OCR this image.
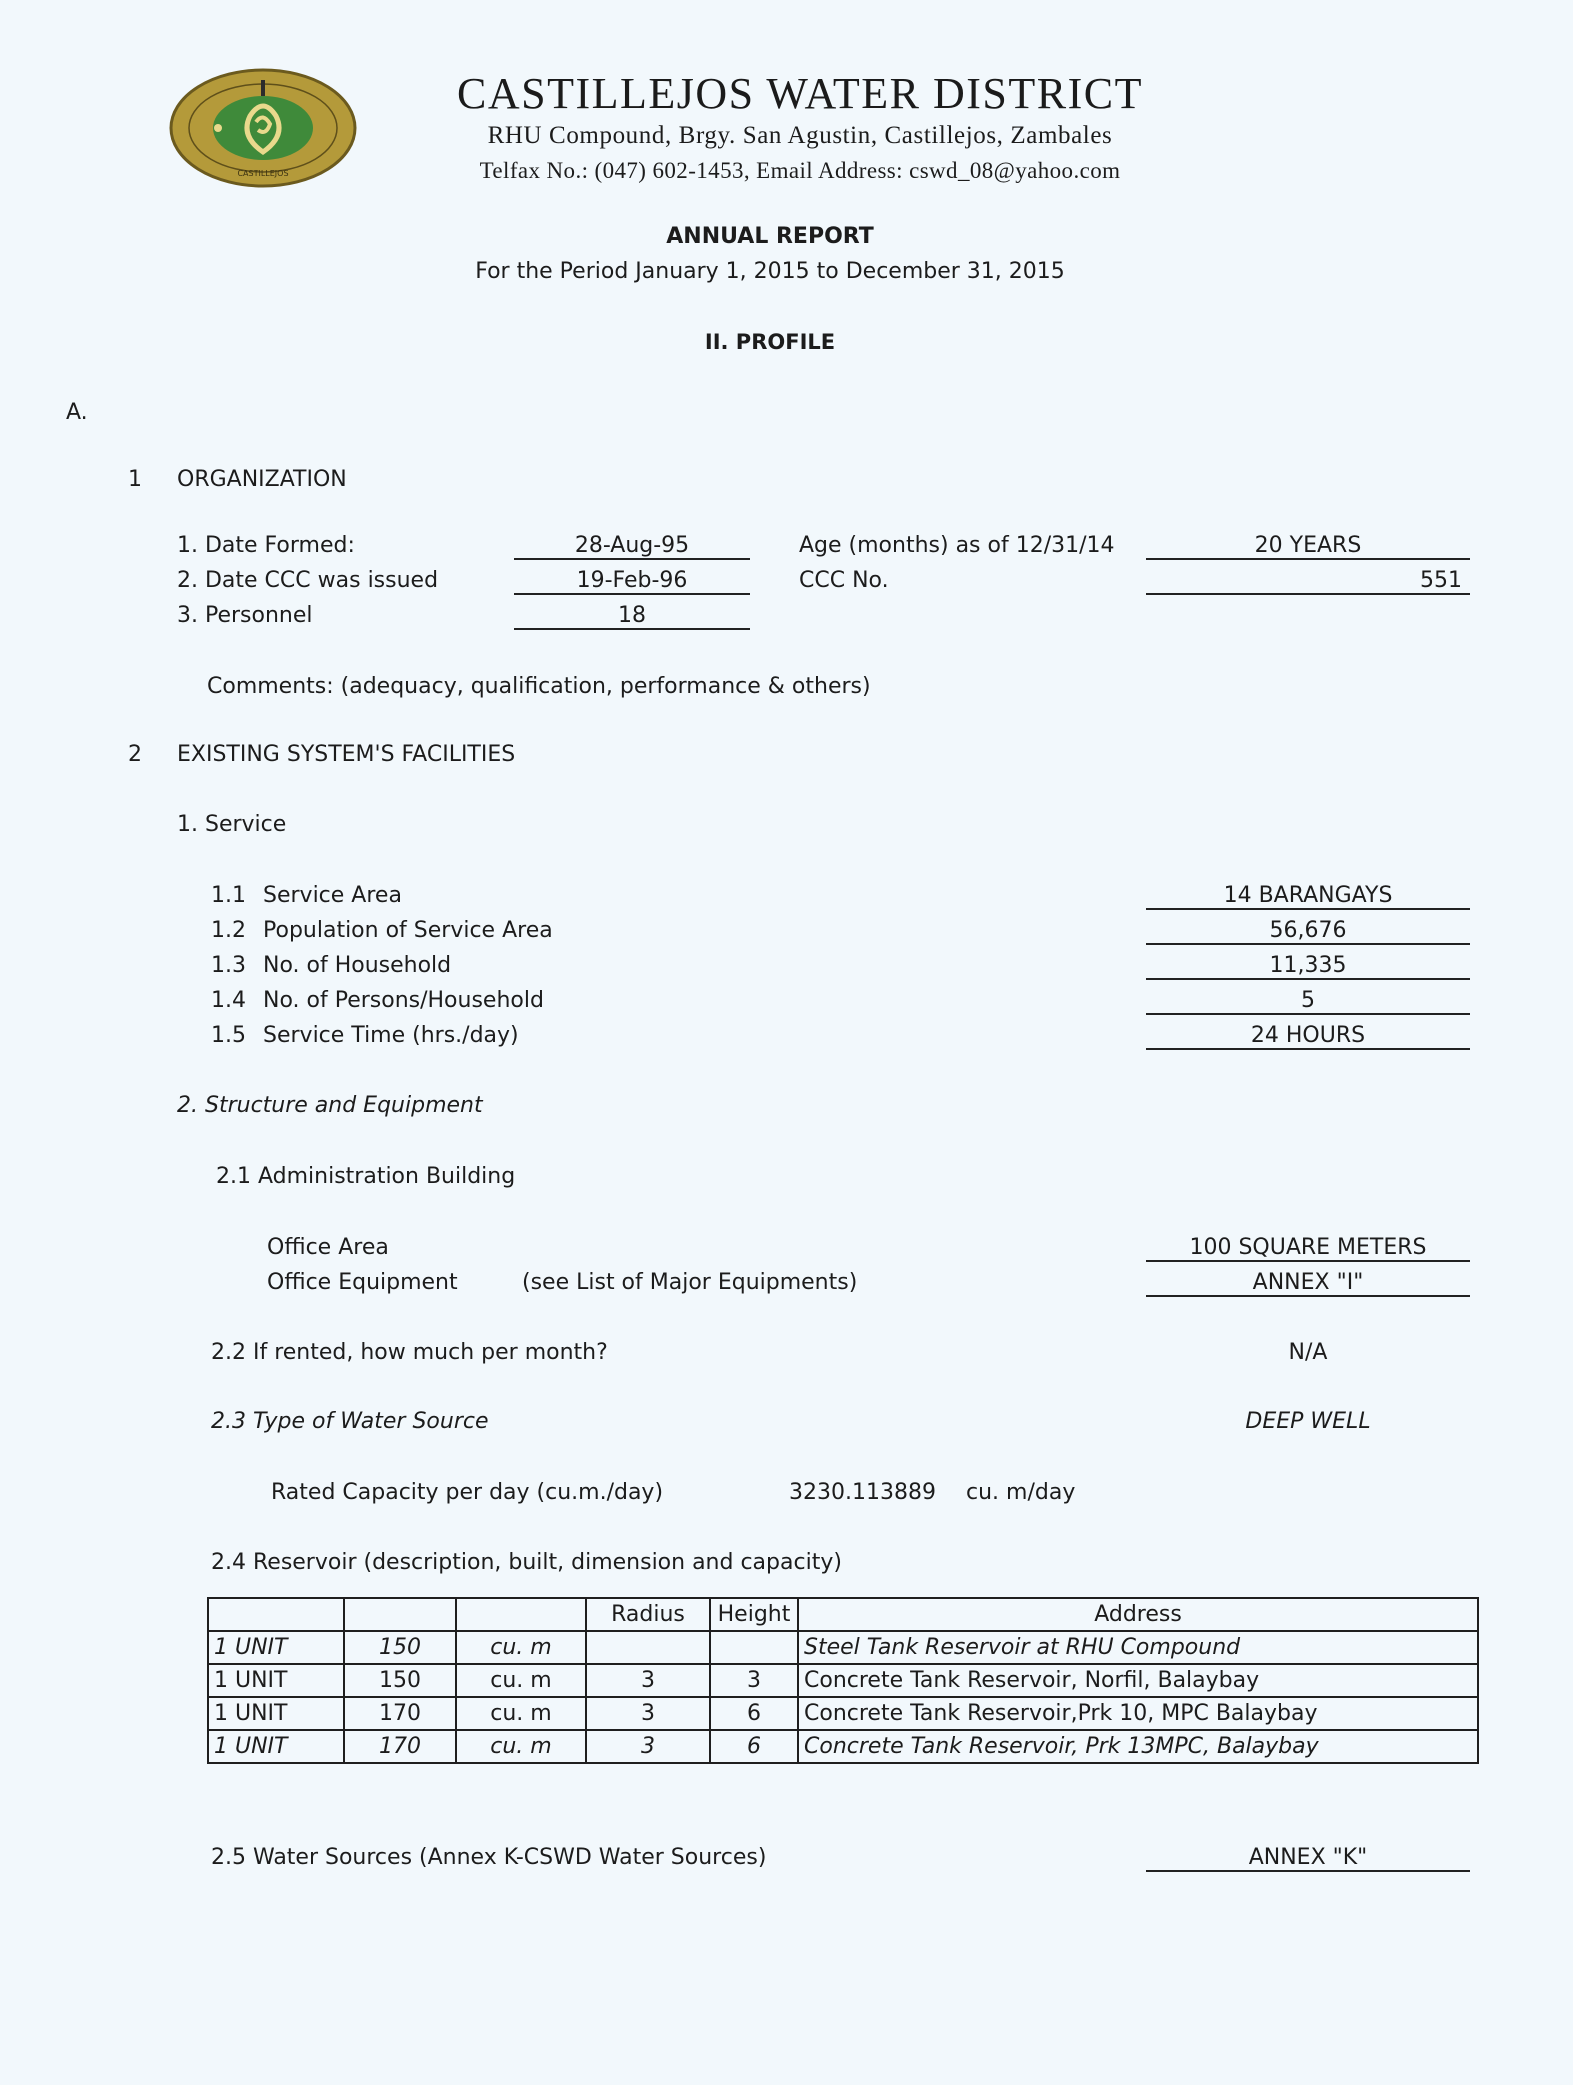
CASTILLEJOS
CASTILLEJOS WATER DISTRICT
RHU Compound, Brgy. San Agustin, Castillejos, Zambales
Telfax No.: (047) 602-1453, Email Address: cswd_08@yahoo.com
ANNUAL REPORT
For the Period January 1, 2015 to December 31, 2015
II. PROFILE
A.
1 ORGANIZATION
1. Date Formed:	28-Aug-95
2. Date CCC was issued	19-Feb-96
3. Personnel	18
Age (months) as of 12/31/14	20 YEARS
CCC No.	551
Comments: (adequacy, qualification, performance & others)
2 EXISTING SYSTEM'S FACILITIES
1. Service
1.1 Service Area	14 BARANGAYS
1.2 Population of Service Area	56,676
1.3 No. of Household	11,335
1.4 No. of Persons/Household	5
1.5 Service Time (hrs./day)	24 HOURS
2. Structure and Equipment
2.1 Administration Building
Office Area	100 SQUARE METERS
Office Equipment	(see List of Major Equipments)	ANNEX "I"
2.2 If rented, how much per month?	N/A
2.3 Type of Water Source	DEEP WELL
Rated Capacity per day (cu.m./day)	3230.113889 cu. m/day
2.4 Reservoir (description, built, dimension and capacity)
			Radius	Height	Address
1 UNIT	150	cu. m			Steel Tank Reservoir at RHU Compound
1 UNIT	150	cu. m	3	3	Concrete Tank Reservoir, Norfil, Balaybay
1 UNIT	170	cu. m	3	6	Concrete Tank Reservoir,Prk 10, MPC Balaybay
1 UNIT	170	cu. m	3	6	Concrete Tank Reservoir, Prk 13MPC, Balaybay
2.5 Water Sources (Annex K-CSWD Water Sources)	ANNEX "K"
